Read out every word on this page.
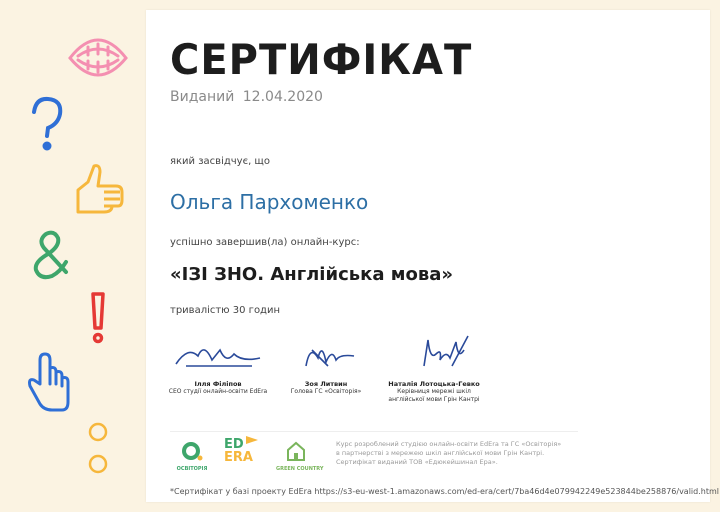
СЕРТИФІКАТ
Виданий 12.04.2020
який засвідчує, що
Ольга Пархоменко
успішно завершив(ла) онлайн-курс:
«ІЗІ ЗНО. Англійська мова»
тривалістю 30 годин
Ілля Філіпов
CEO студії онлайн-освіти EdEra
Зоя Литвин
Голова ГС «Освіторія»
Наталія Лотоцька-Гевко
Керівниця мережі шкіл
англійської мови Грін Кантрі
ОСВІТОРІЯ
ED
ERA
GREEN COUNTRY
Курс розроблений студією онлайн-освіти EdEra та ГС «Освіторія»
в партнерстві з мережею шкіл англійської мови Грін Кантрі.
Сертифікат виданий ТОВ «Едюкейшинал Ера».
*Сертифікат у базі проекту EdEra https://s3-eu-west-1.amazonaws.com/ed-era/cert/7ba46d4e079942249e523844be258876/valid.html
